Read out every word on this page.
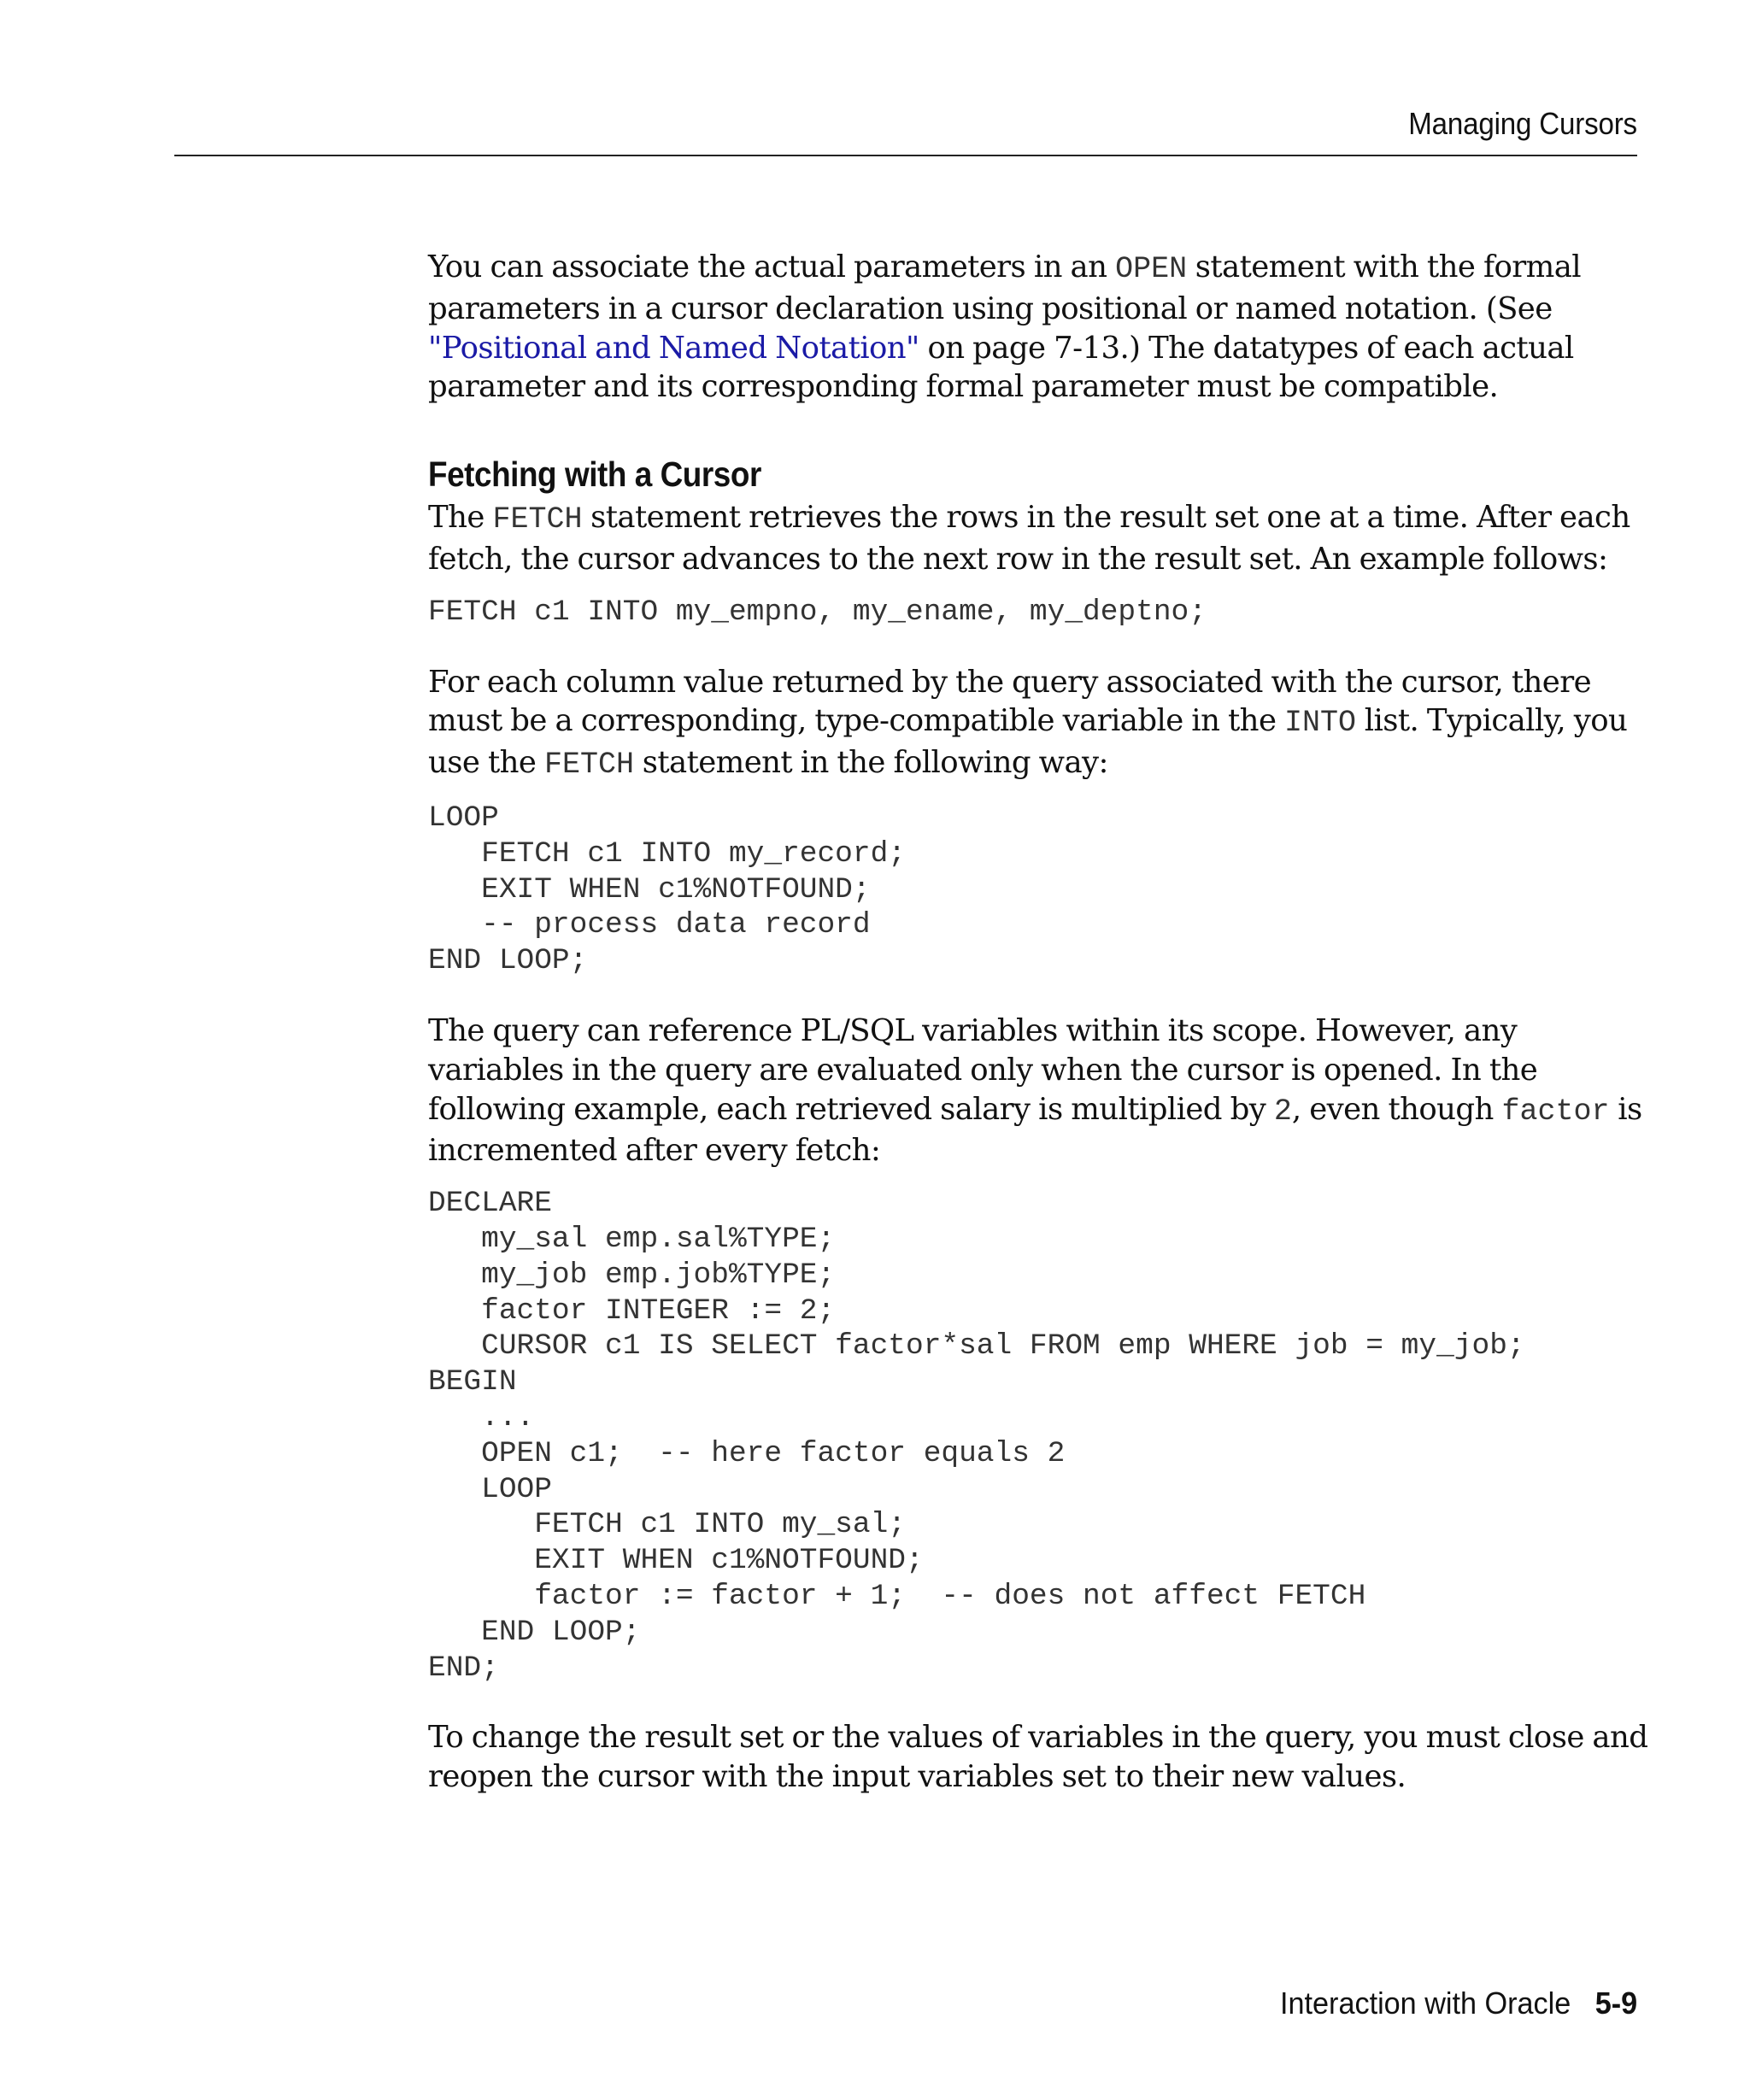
Managing Cursors

You can associate the actual parameters in an OPEN statement with the formal parameters in a cursor declaration using positional or named notation. (See "Positional and Named Notation" on page 7-13.) The datatypes of each actual parameter and its corresponding formal parameter must be compatible.

Fetching with a Cursor

The FETCH statement retrieves the rows in the result set one at a time. After each fetch, the cursor advances to the next row in the result set. An example follows:

FETCH c1 INTO my_empno, my_ename, my_deptno;

For each column value returned by the query associated with the cursor, there must be a corresponding, type-compatible variable in the INTO list. Typically, you use the FETCH statement in the following way:

LOOP
FETCH c1 INTO my_record;
EXIT WHEN c1%NOTFOUND;
-- process data record
END LOOP;

The query can reference PL/SQL variables within its scope. However, any variables in the query are evaluated only when the cursor is opened. In the following example, each retrieved salary is multiplied by 2, even though factor is incremented after every fetch:

DECLARE
my_sal emp.sal%TYPE;
my_job emp.job%TYPE;
factor INTEGER := 2;
CURSOR c1 IS SELECT factor*sal FROM emp WHERE job = my_job;
BEGIN
...
OPEN c1;  -- here factor equals 2
LOOP
FETCH c1 INTO my_sal;
EXIT WHEN c1%NOTFOUND;
factor := factor + 1;  -- does not affect FETCH
END LOOP;
END;

To change the result set or the values of variables in the query, you must close and reopen the cursor with the input variables set to their new values.

Interaction with Oracle 5-9
